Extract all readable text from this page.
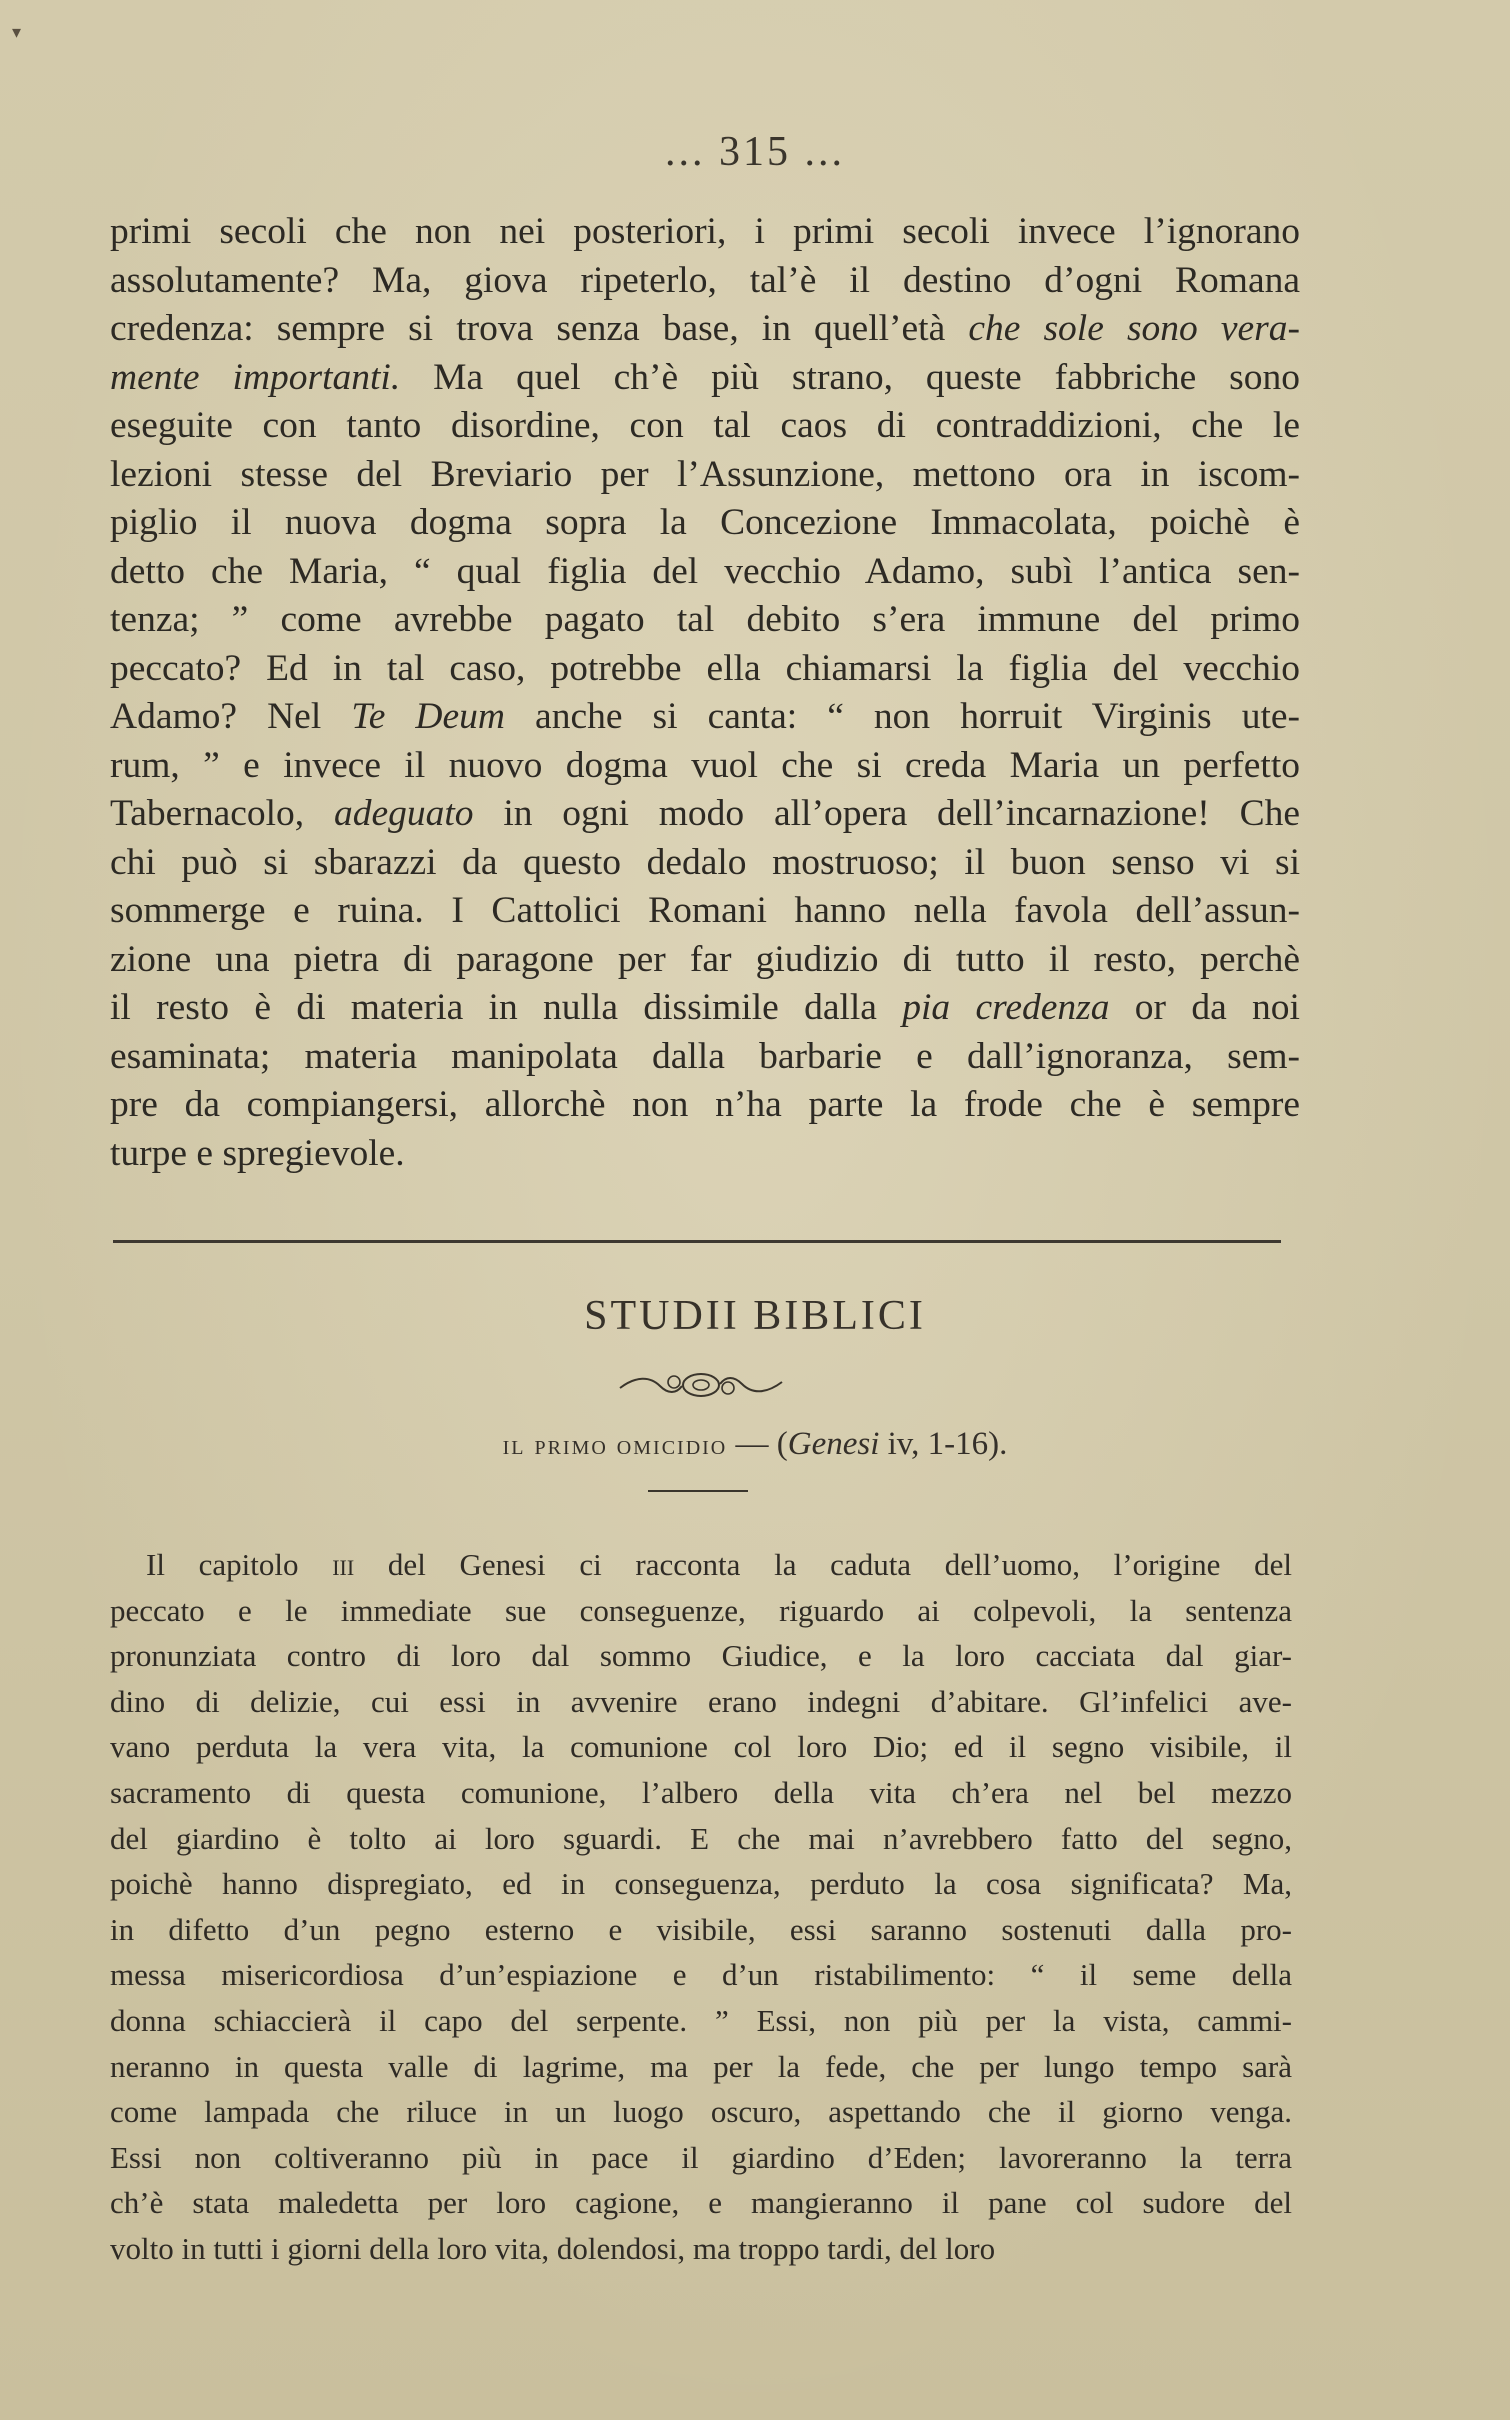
▾
... 315 ...
primi secoli che non nei posteriori, i primi secoli invece l’ignorano
assolutamente? Ma, giova ripeterlo, tal’è il destino d’ogni Romana
credenza: sempre si trova senza base, in quell’età che sole sono vera-
mente importanti. Ma quel ch’è più strano, queste fabbriche sono
eseguite con tanto disordine, con tal caos di contraddizioni, che le
lezioni stesse del Breviario per l’Assunzione, mettono ora in iscom-
piglio il nuova dogma sopra la Concezione Immacolata, poichè è
detto che Maria, “ qual figlia del vecchio Adamo, subì l’antica sen-
tenza; ” come avrebbe pagato tal debito s’era immune del primo
peccato? Ed in tal caso, potrebbe ella chiamarsi la figlia del vecchio
Adamo? Nel Te Deum anche si canta: “ non horruit Virginis ute-
rum, ” e invece il nuovo dogma vuol che si creda Maria un perfetto
Tabernacolo, adeguato in ogni modo all’opera dell’incarnazione! Che
chi può si sbarazzi da questo dedalo mostruoso; il buon senso vi si
sommerge e ruina. I Cattolici Romani hanno nella favola dell’assun-
zione una pietra di paragone per far giudizio di tutto il resto, perchè
il resto è di materia in nulla dissimile dalla pia credenza or da noi
esaminata; materia manipolata dalla barbarie e dall’ignoranza, sem-
pre da compiangersi, allorchè non n’ha parte la frode che è sempre
turpe e spregievole.
STUDII BIBLICI
il primo omicidio — (Genesi iv, 1-16).
Il capitolo iii del Genesi ci racconta la caduta dell’uomo, l’origine del
peccato e le immediate sue conseguenze, riguardo ai colpevoli, la sentenza
pronunziata contro di loro dal sommo Giudice, e la loro cacciata dal giar-
dino di delizie, cui essi in avvenire erano indegni d’abitare. Gl’infelici ave-
vano perduta la vera vita, la comunione col loro Dio; ed il segno visibile, il
sacramento di questa comunione, l’albero della vita ch’era nel bel mezzo
del giardino è tolto ai loro sguardi. E che mai n’avrebbero fatto del segno,
poichè hanno dispregiato, ed in conseguenza, perduto la cosa significata? Ma,
in difetto d’un pegno esterno e visibile, essi saranno sostenuti dalla pro-
messa misericordiosa d’un’espiazione e d’un ristabilimento: “ il seme della
donna schiaccierà il capo del serpente. ” Essi, non più per la vista, cammi-
neranno in questa valle di lagrime, ma per la fede, che per lungo tempo sarà
come lampada che riluce in un luogo oscuro, aspettando che il giorno venga.
Essi non coltiveranno più in pace il giardino d’Eden; lavoreranno la terra
ch’è stata maledetta per loro cagione, e mangieranno il pane col sudore del
volto in tutti i giorni della loro vita, dolendosi, ma troppo tardi, del loro
